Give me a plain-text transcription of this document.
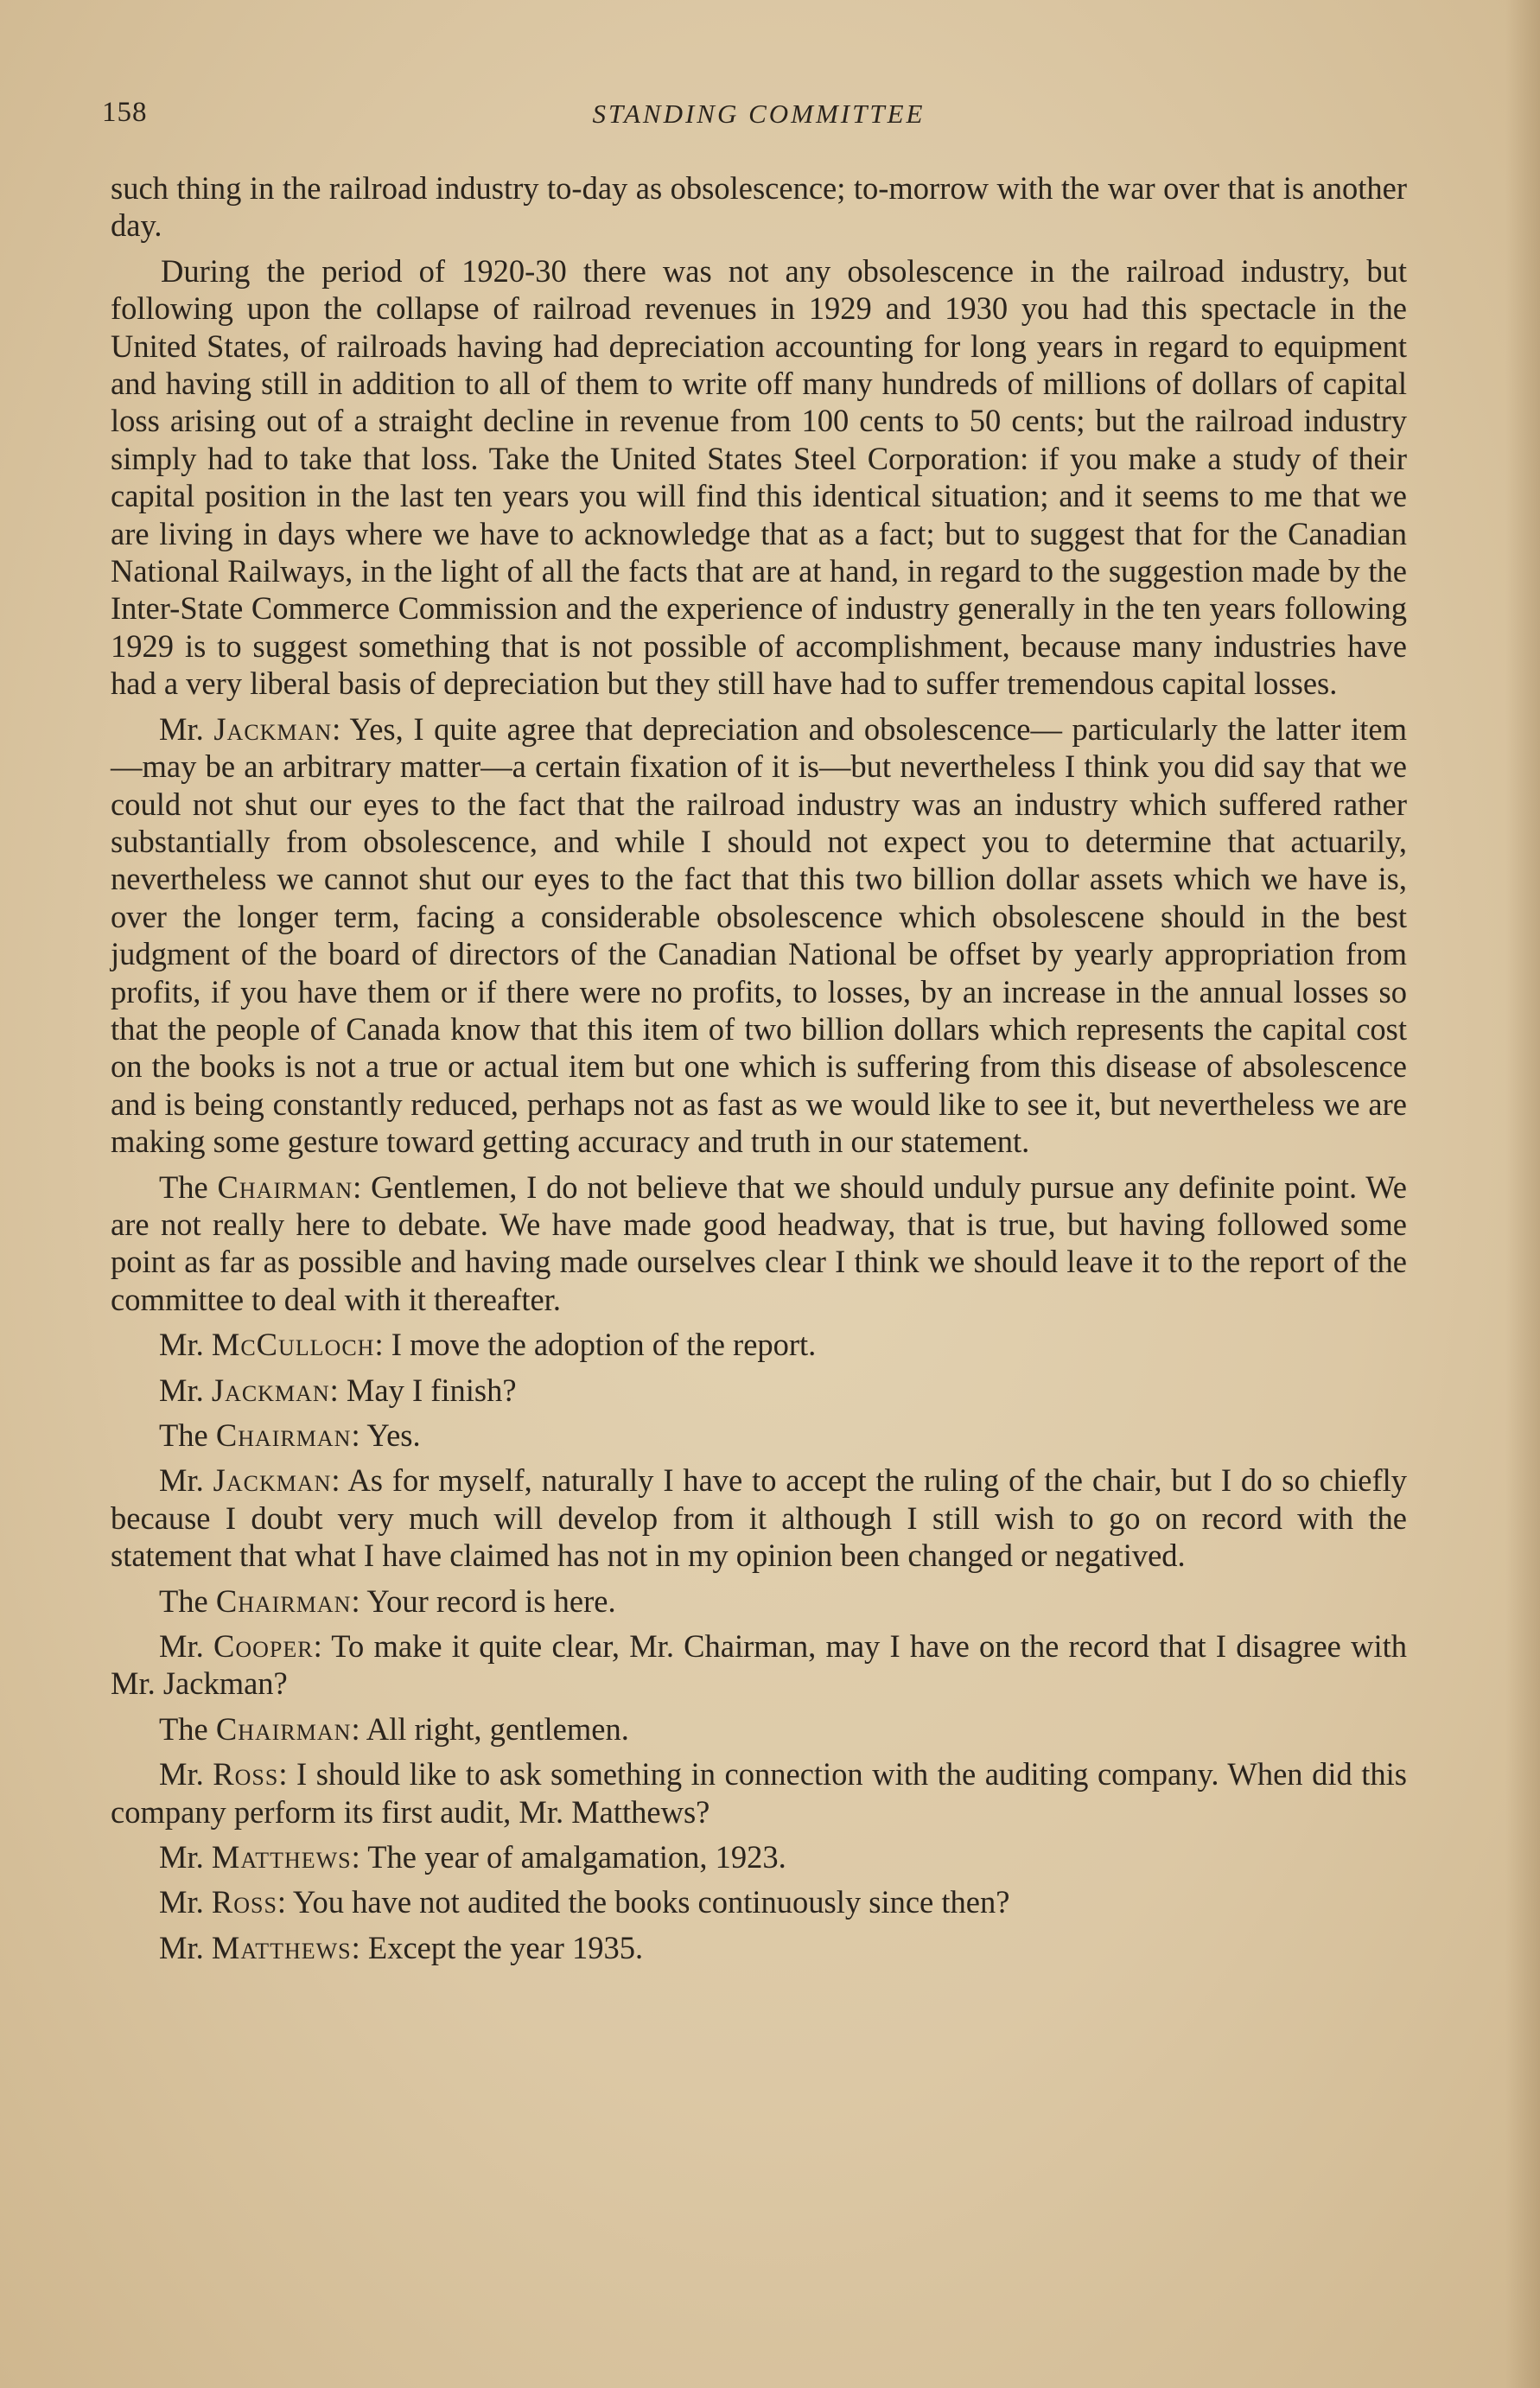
158	STANDING COMMITTEE

such thing in the railroad industry to-day as obsolescence; to-morrow with the war over that is another day.

During the period of 1920-30 there was not any obsolescence in the railroad industry, but following upon the collapse of railroad revenues in 1929 and 1930 you had this spectacle in the United States, of railroads having had depreciation accounting for long years in regard to equipment and having still in addition to all of them to write off many hundreds of millions of dollars of capital loss arising out of a straight decline in revenue from 100 cents to 50 cents; but the railroad industry simply had to take that loss. Take the United States Steel Corporation: if you make a study of their capital position in the last ten years you will find this identical situation; and it seems to me that we are living in days where we have to acknowledge that as a fact; but to suggest that for the Canadian National Railways, in the light of all the facts that are at hand, in regard to the suggestion made by the Inter-State Commerce Commission and the experience of industry generally in the ten years following 1929 is to suggest something that is not possible of accomplishment, because many industries have had a very liberal basis of depreciation but they still have had to suffer tremendous capital losses.

Mr. Jackman: Yes, I quite agree that depreciation and obsolescence— particularly the latter item—may be an arbitrary matter—a certain fixation of it is—but nevertheless I think you did say that we could not shut our eyes to the fact that the railroad industry was an industry which suffered rather substantially from obsolescence, and while I should not expect you to determine that actuarily, nevertheless we cannot shut our eyes to the fact that this two billion dollar assets which we have is, over the longer term, facing a considerable obsolescence which obsolescene should in the best judgment of the board of directors of the Canadian National be offset by yearly appropriation from profits, if you have them or if there were no profits, to losses, by an increase in the annual losses so that the people of Canada know that this item of two billion dollars which represents the capital cost on the books is not a true or actual item but one which is suffering from this disease of absolescence and is being constantly reduced, perhaps not as fast as we would like to see it, but nevertheless we are making some gesture toward getting accuracy and truth in our statement.

The Chairman: Gentlemen, I do not believe that we should unduly pursue any definite point. We are not really here to debate. We have made good headway, that is true, but having followed some point as far as possible and having made ourselves clear I think we should leave it to the report of the committee to deal with it thereafter.

Mr. McCulloch: I move the adoption of the report.

Mr. Jackman: May I finish?

The Chairman: Yes.

Mr. Jackman: As for myself, naturally I have to accept the ruling of the chair, but I do so chiefly because I doubt very much will develop from it although I still wish to go on record with the statement that what I have claimed has not in my opinion been changed or negatived.

The Chairman: Your record is here.

Mr. Cooper: To make it quite clear, Mr. Chairman, may I have on the record that I disagree with Mr. Jackman?

The Chairman: All right, gentlemen.

Mr. Ross: I should like to ask something in connection with the auditing company. When did this company perform its first audit, Mr. Matthews?

Mr. Matthews: The year of amalgamation, 1923.

Mr. Ross: You have not audited the books continuously since then?

Mr. Matthews: Except the year 1935.
